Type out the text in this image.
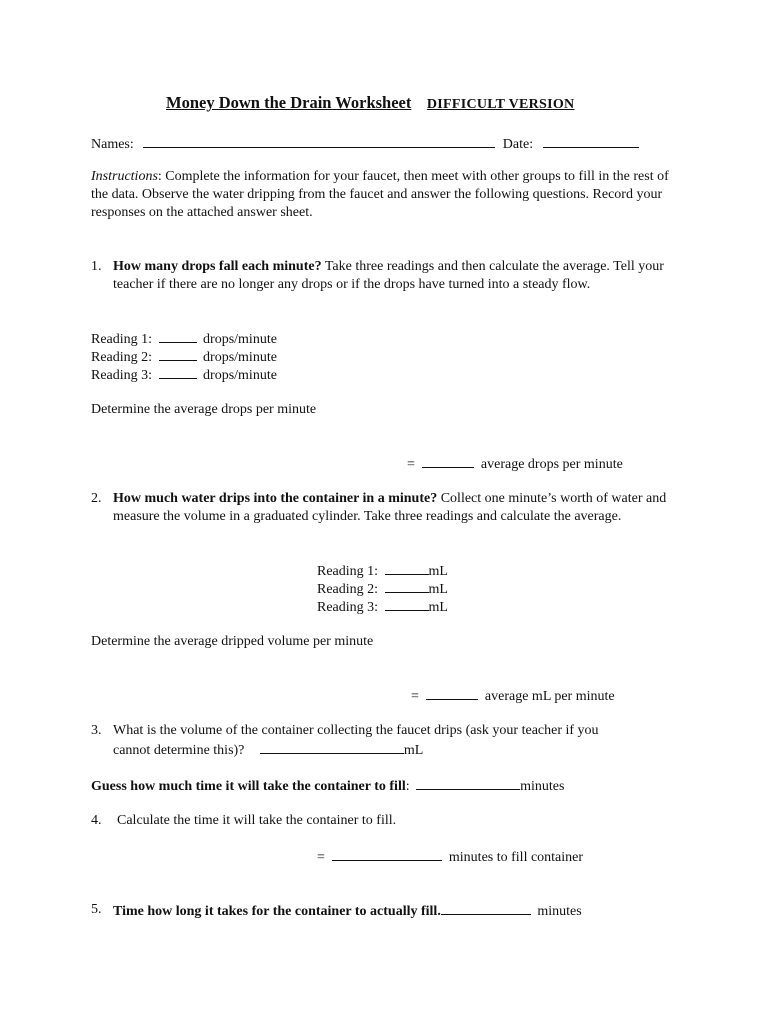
Money Down the Drain Worksheet DIFFICULT VERSION
Names:	Date:
Instructions: Complete the information for your faucet, then meet with other groups to fill in the rest of the data. Observe the water dripping from the faucet and answer the following questions. Record your responses on the attached answer sheet.
1. How many drops fall each minute? Take three readings and then calculate the average. Tell your teacher if there are no longer any drops or if the drops have turned into a steady flow.
Reading 1:	drops/minute
Reading 2:	drops/minute
Reading 3:	drops/minute
Determine the average drops per minute
=	average drops per minute
2. How much water drips into the container in a minute? Collect one minute’s worth of water and measure the volume in a graduated cylinder. Take three readings and calculate the average.
Reading 1:	mL
Reading 2:	mL
Reading 3:	mL
Determine the average dripped volume per minute
=	average mL per minute
3. What is the volume of the container collecting the faucet drips (ask your teacher if you
cannot determine this)?	mL
Guess how much time it will take the container to fill:	minutes
4. Calculate the time it will take the container to fill.
=	minutes to fill container
5. Time how long it takes for the container to actually fill.	minutes
